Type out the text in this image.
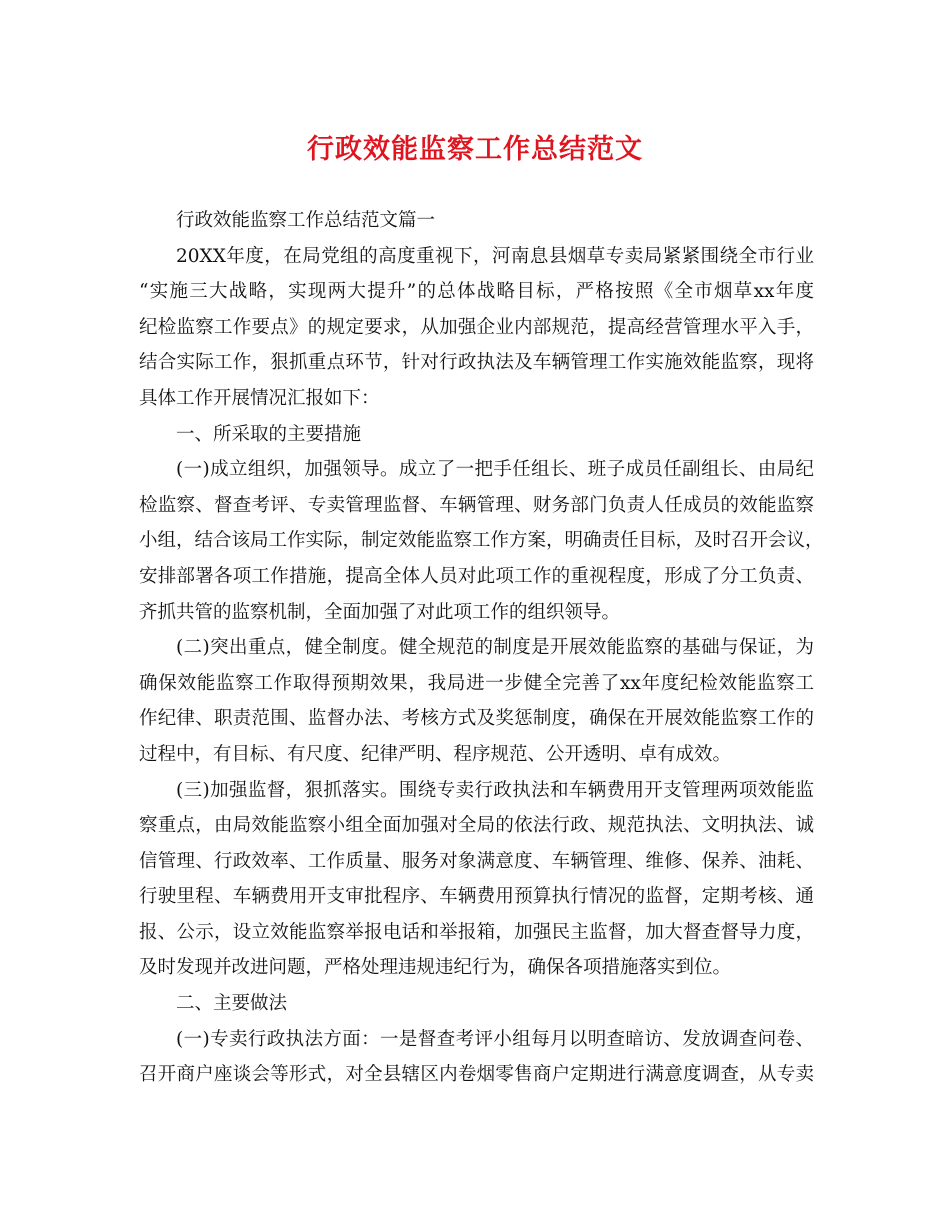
行政效能监察工作总结范文
行政效能监察工作总结范文篇一
20XX年度，在局党组的高度重视下，河南息县烟草专卖局紧紧围绕全市行业
“实施三大战略，实现两大提升”的总体战略目标，严格按照《全市烟草xx年度
纪检监察工作要点》的规定要求，从加强企业内部规范，提高经营管理水平入手，
结合实际工作，狠抓重点环节，针对行政执法及车辆管理工作实施效能监察，现将
具体工作开展情况汇报如下：
一、所采取的主要措施
(一)成立组织，加强领导。成立了一把手任组长、班子成员任副组长、由局纪
检监察、督查考评、专卖管理监督、车辆管理、财务部门负责人任成员的效能监察
小组，结合该局工作实际，制定效能监察工作方案，明确责任目标，及时召开会议，
安排部署各项工作措施，提高全体人员对此项工作的重视程度，形成了分工负责、
齐抓共管的监察机制，全面加强了对此项工作的组织领导。
(二)突出重点，健全制度。健全规范的制度是开展效能监察的基础与保证，为
确保效能监察工作取得预期效果，我局进一步健全完善了xx年度纪检效能监察工
作纪律、职责范围、监督办法、考核方式及奖惩制度，确保在开展效能监察工作的
过程中，有目标、有尺度、纪律严明、程序规范、公开透明、卓有成效。
(三)加强监督，狠抓落实。围绕专卖行政执法和车辆费用开支管理两项效能监
察重点，由局效能监察小组全面加强对全局的依法行政、规范执法、文明执法、诚
信管理、行政效率、工作质量、服务对象满意度、车辆管理、维修、保养、油耗、
行驶里程、车辆费用开支审批程序、车辆费用预算执行情况的监督，定期考核、通
报、公示，设立效能监察举报电话和举报箱，加强民主监督，加大督查督导力度，
及时发现并改进问题，严格处理违规违纪行为，确保各项措施落实到位。
二、主要做法
(一)专卖行政执法方面：一是督查考评小组每月以明查暗访、发放调查问卷、
召开商户座谈会等形式，对全县辖区内卷烟零售商户定期进行满意度调查，从专卖
